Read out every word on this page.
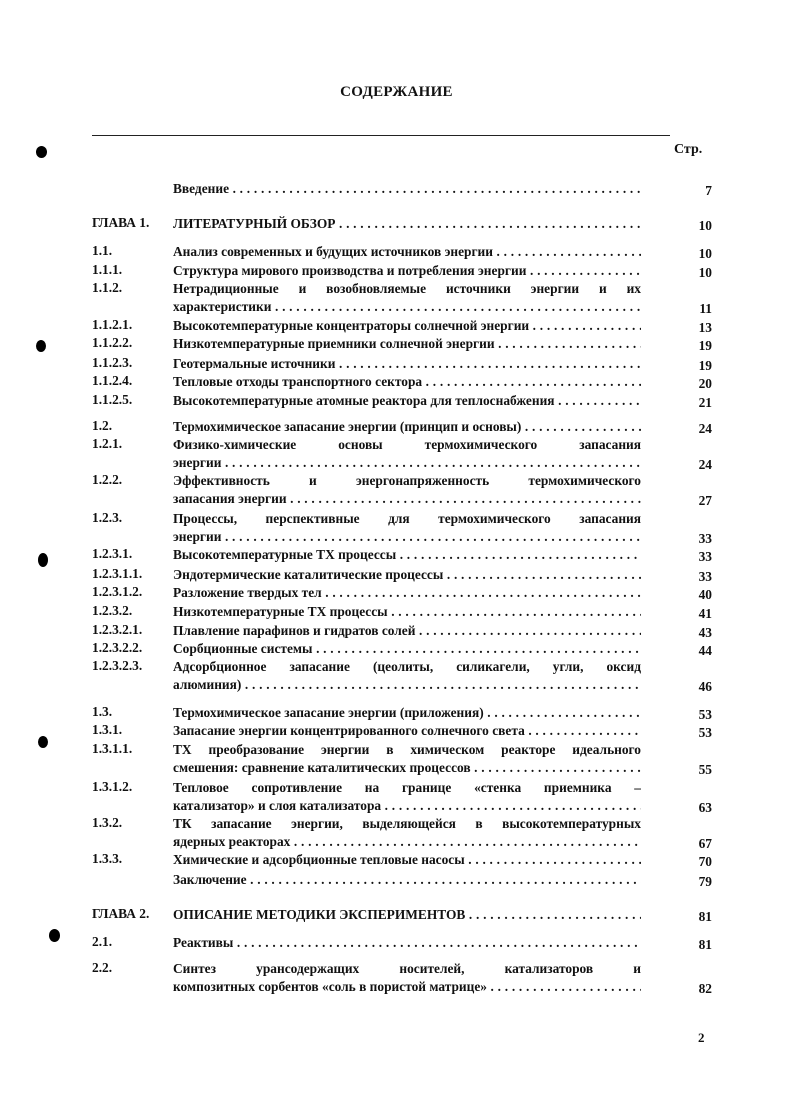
СОДЕРЖАНИЕ
Стр.
Введение . . .	7
ГЛАВА 1. ЛИТЕРАТУРНЫЙ ОБЗОР . . .	10
1.1.	Анализ современных и будущих источников энергии . . .	10
1.1.1.	Структура мирового производства и потребления энергии . . .	10
1.1.2.	Нетрадиционные и возобновляемые источники энергии и их
характеристики . . .	11
1.1.2.1.	Высокотемпературные концентраторы солнечной энергии . . .	13
1.1.2.2.	Низкотемпературные приемники солнечной энергии . . .	19
1.1.2.3.	Геотермальные источники . . .	19
1.1.2.4.	Тепловые отходы транспортного сектора . . .	20
1.1.2.5.	Высокотемпературные атомные реактора для теплоснабжения . . .	21
1.2.	Термохимическое запасание энергии (принцип и основы) . . .	24
1.2.1.	Физико-химические основы термохимического запасания
энергии . . .	24
1.2.2.	Эффективность и энергонапряженность термохимического
запасания энергии . . .	27
1.2.3.	Процессы, перспективные для термохимического запасания
энергии . . .	33
1.2.3.1.	Высокотемпературные ТХ процессы . . .	33
1.2.3.1.1. Эндотермические каталитические процессы . . .	33
1.2.3.1.2. Разложение твердых тел . . .	40
1.2.3.2.	Низкотемпературные ТХ процессы . . .	41
1.2.3.2.1. Плавление парафинов и гидратов солей . . .	43
1.2.3.2.2. Сорбционные системы . . .	44
1.2.3.2.3. Адсорбционное запасание (цеолиты, силикагели, угли, оксид
алюминия) . . .	46
1.3.	Термохимическое запасание энергии (приложения) . . .	53
1.3.1.	Запасание энергии концентрированного солнечного света . . .	53
1.3.1.1.	ТХ преобразование энергии в химическом реакторе идеального
смешения: сравнение каталитических процессов . . .	55
1.3.1.2.	Тепловое сопротивление на границе «стенка приемника –
катализатор» и слоя катализатора . . .	63
1.3.2.	ТК запасание энергии, выделяющейся в высокотемпературных
ядерных реакторах . . .	67
1.3.3.	Химические и адсорбционные тепловые насосы . . .	70
Заключение . . .	79
ГЛАВА 2. ОПИСАНИЕ МЕТОДИКИ ЭКСПЕРИМЕНТОВ . . .	81
2.1.	Реактивы . . .	81
2.2.	Синтез урансодержащих носителей, катализаторов и
композитных сорбентов «соль в пористой матрице» . . .	82
2
